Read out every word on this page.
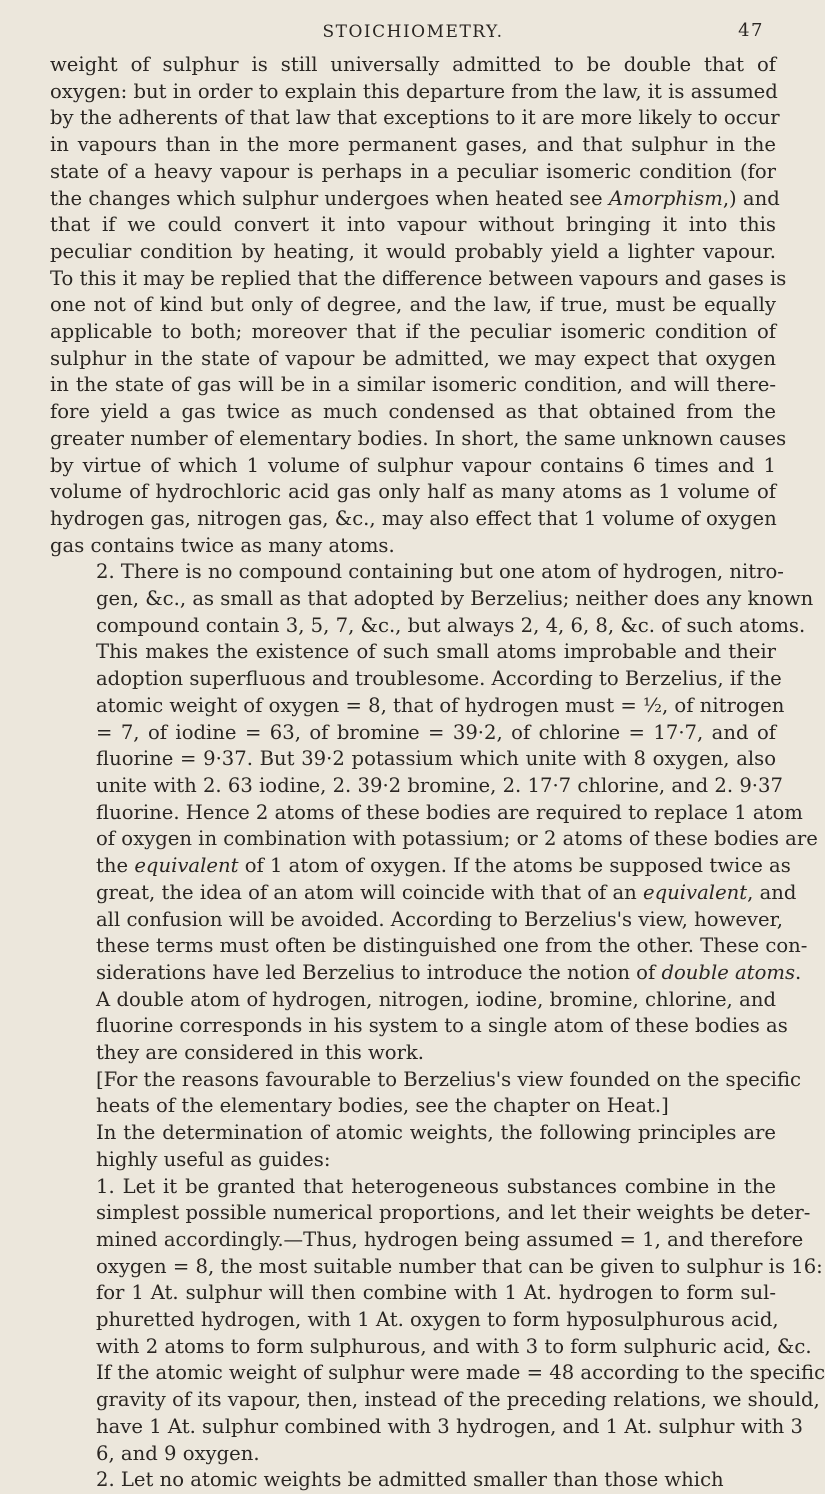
STOICHIOMETRY.	47

weight of sulphur is still universally admitted to be double that of
oxygen: but in order to explain this departure from the law, it is assumed
by the adherents of that law that exceptions to it are more likely to occur
in vapours than in the more permanent gases, and that sulphur in the
state of a heavy vapour is perhaps in a peculiar isomeric condition (for
the changes which sulphur undergoes when heated see Amorphism,) and
that if we could convert it into vapour without bringing it into this
peculiar condition by heating, it would probably yield a lighter vapour.
To this it may be replied that the difference between vapours and gases is
one not of kind but only of degree, and the law, if true, must be equally
applicable to both; moreover that if the peculiar isomeric condition of
sulphur in the state of vapour be admitted, we may expect that oxygen
in the state of gas will be in a similar isomeric condition, and will there-
fore yield a gas twice as much condensed as that obtained from the
greater number of elementary bodies. In short, the same unknown causes
by virtue of which 1 volume of sulphur vapour contains 6 times and 1
volume of hydrochloric acid gas only half as many atoms as 1 volume of
hydrogen gas, nitrogen gas, &c., may also effect that 1 volume of oxygen
gas contains twice as many atoms.

2. There is no compound containing but one atom of hydrogen, nitro-
gen, &c., as small as that adopted by Berzelius; neither does any known
compound contain 3, 5, 7, &c., but always 2, 4, 6, 8, &c. of such atoms.
This makes the existence of such small atoms improbable and their
adoption superfluous and troublesome. According to Berzelius, if the
atomic weight of oxygen = 8, that of hydrogen must = ½, of nitrogen
= 7, of iodine = 63, of bromine = 39·2, of chlorine = 17·7, and of
fluorine = 9·37. But 39·2 potassium which unite with 8 oxygen, also
unite with 2. 63 iodine, 2. 39·2 bromine, 2. 17·7 chlorine, and 2. 9·37
fluorine. Hence 2 atoms of these bodies are required to replace 1 atom
of oxygen in combination with potassium; or 2 atoms of these bodies are
the equivalent of 1 atom of oxygen. If the atoms be supposed twice as
great, the idea of an atom will coincide with that of an equivalent, and
all confusion will be avoided. According to Berzelius's view, however,
these terms must often be distinguished one from the other. These con-
siderations have led Berzelius to introduce the notion of double atoms.
A double atom of hydrogen, nitrogen, iodine, bromine, chlorine, and
fluorine corresponds in his system to a single atom of these bodies as
they are considered in this work.

[For the reasons favourable to Berzelius's view founded on the specific
heats of the elementary bodies, see the chapter on Heat.]

In the determination of atomic weights, the following principles are
highly useful as guides:

1. Let it be granted that heterogeneous substances combine in the
simplest possible numerical proportions, and let their weights be deter-
mined accordingly.—Thus, hydrogen being assumed = 1, and therefore
oxygen = 8, the most suitable number that can be given to sulphur is 16:
for 1 At. sulphur will then combine with 1 At. hydrogen to form sul-
phuretted hydrogen, with 1 At. oxygen to form hyposulphurous acid,
with 2 atoms to form sulphurous, and with 3 to form sulphuric acid, &c.
If the atomic weight of sulphur were made = 48 according to the specific
gravity of its vapour, then, instead of the preceding relations, we should,
have 1 At. sulphur combined with 3 hydrogen, and 1 At. sulphur with 3
6, and 9 oxygen.

2. Let no atomic weights be admitted smaller than those which
